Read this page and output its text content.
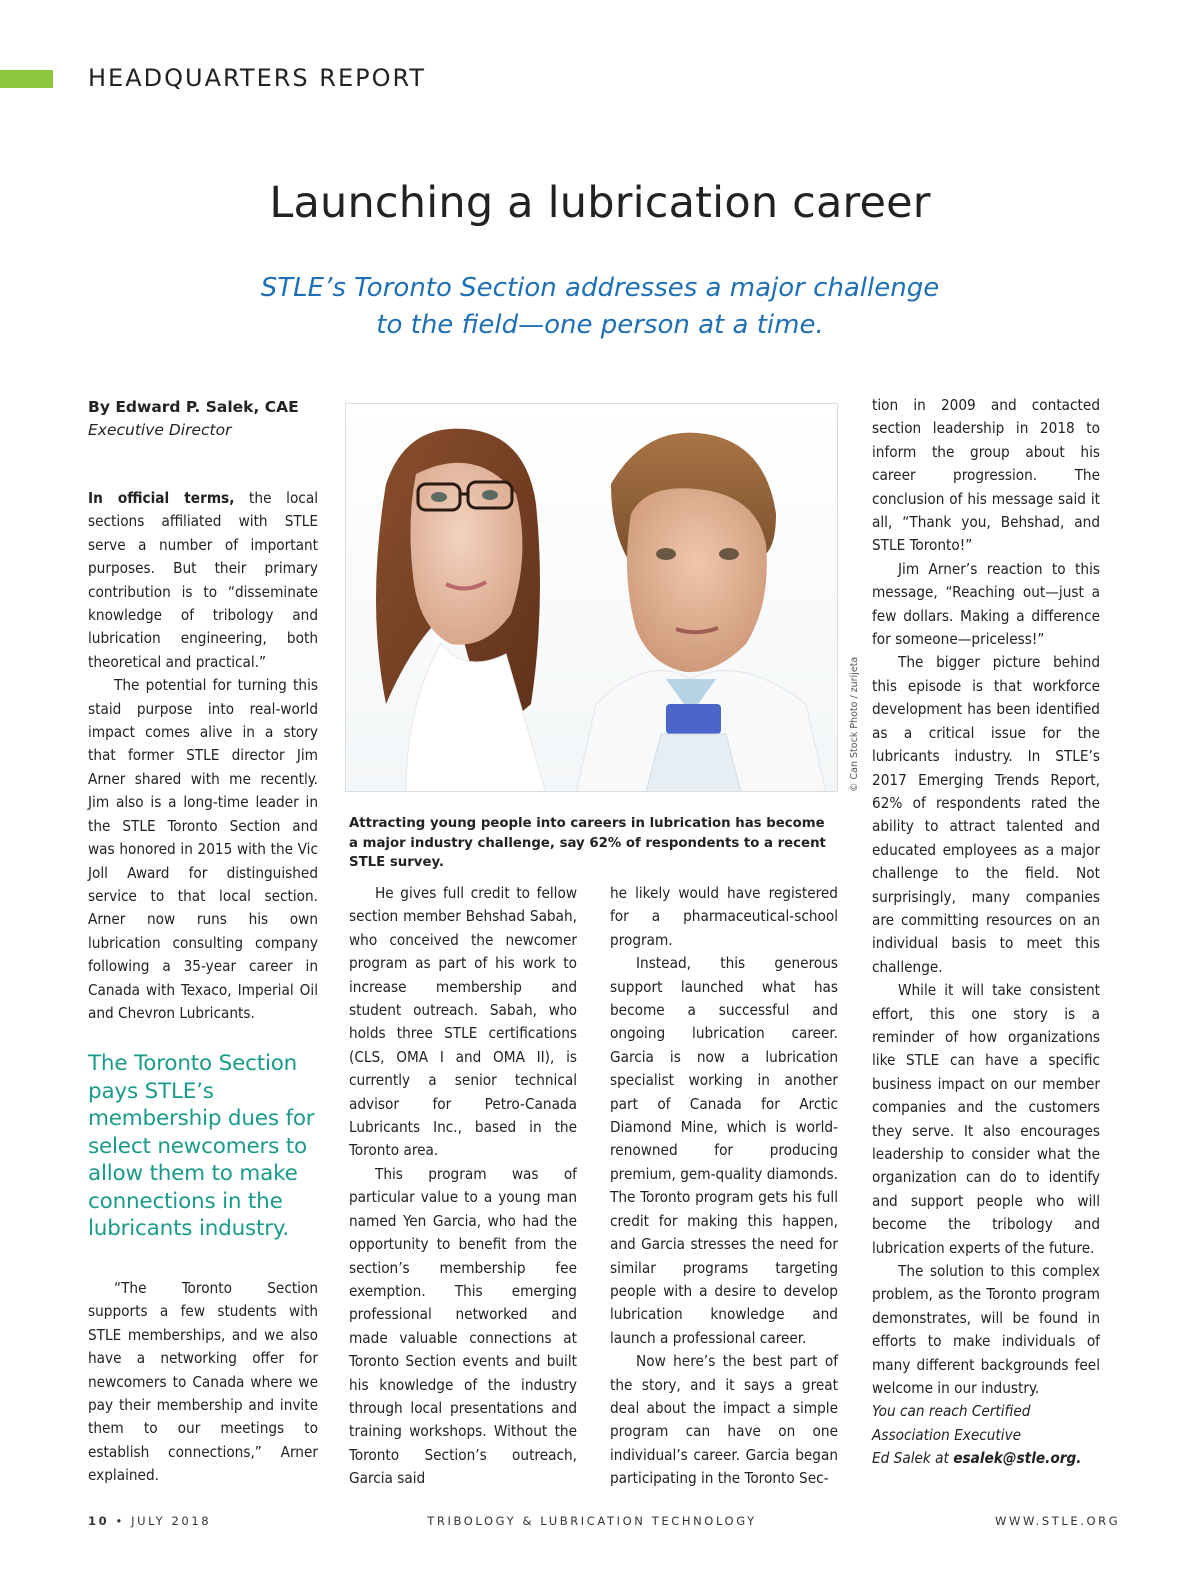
HEADQUARTERS REPORT
Launching a lubrication career
STLE’s Toronto Section addresses a major challenge
to the field—one person at a time.
By Edward P. Salek, CAE
Executive Director

In official terms, the local sections affiliated with STLE serve a number of important purposes. But their primary contribution is to “disseminate knowledge of tribology and lubrication engineering, both theoretical and practical.”

The potential for turning this staid purpose into real-world impact comes alive in a story that former STLE director Jim Arner shared with me recently. Jim also is a long-time leader in the STLE Toronto Section and was honored in 2015 with the Vic Joll Award for distinguished service to that local section. Arner now runs his own lubrication consulting company following a 35-year career in Canada with Texaco, Imperial Oil and Chevron Lubricants.

The Toronto Section pays STLE’s membership dues for select newcomers to allow them to make connections in the lubricants industry.

“The Toronto Section supports a few students with STLE memberships, and we also have a networking offer for newcomers to Canada where we pay their membership and invite them to our meetings to establish connections,” Arner explained.

© Can Stock Photo / zurijeta
Attracting young people into careers in lubrication has become a major industry challenge, say 62% of respondents to a recent STLE survey.

He gives full credit to fellow section member Behshad Sabah, who conceived the newcomer program as part of his work to increase membership and student outreach. Sabah, who holds three STLE certifications (CLS, OMA I and OMA II), is currently a senior technical advisor for Petro-Canada Lubricants Inc., based in the Toronto area.

This program was of particular value to a young man named Yen Garcia, who had the opportunity to benefit from the section’s membership fee exemption. This emerging professional networked and made valuable connections at Toronto Section events and built his knowledge of the industry through local presentations and training workshops. Without the Toronto Section’s outreach, Garcia said

he likely would have registered for a pharmaceutical-school program.

Instead, this generous support launched what has become a successful and ongoing lubrication career. Garcia is now a lubrication specialist working in another part of Canada for Arctic Diamond Mine, which is world-renowned for producing premium, gem-quality diamonds. The Toronto program gets his full credit for making this happen, and Garcia stresses the need for similar programs targeting people with a desire to develop lubrication knowledge and launch a professional career.

Now here’s the best part of the story, and it says a great deal about the impact a simple program can have on one individual’s career. Garcia began participating in the Toronto Sec-

tion in 2009 and contacted section leadership in 2018 to inform the group about his career progression. The conclusion of his message said it all, “Thank you, Behshad, and STLE Toronto!”

Jim Arner’s reaction to this message, “Reaching out—just a few dollars. Making a difference for someone—priceless!”

The bigger picture behind this episode is that workforce development has been identified as a critical issue for the lubricants industry. In STLE’s 2017 Emerging Trends Report, 62% of respondents rated the ability to attract talented and educated employees as a major challenge to the field. Not surprisingly, many companies are committing resources on an individual basis to meet this challenge.

While it will take consistent effort, this one story is a reminder of how organizations like STLE can have a specific business impact on our member companies and the customers they serve. It also encourages leadership to consider what the organization can do to identify and support people who will become the tribology and lubrication experts of the future.

The solution to this complex problem, as the Toronto program demonstrates, will be found in efforts to make individuals of many different backgrounds feel welcome in our industry.

You can reach Certified
Association Executive
Ed Salek at esalek@stle.org.

10 • JULY 2018	TRIBOLOGY & LUBRICATION TECHNOLOGY	WWW.STLE.ORG
